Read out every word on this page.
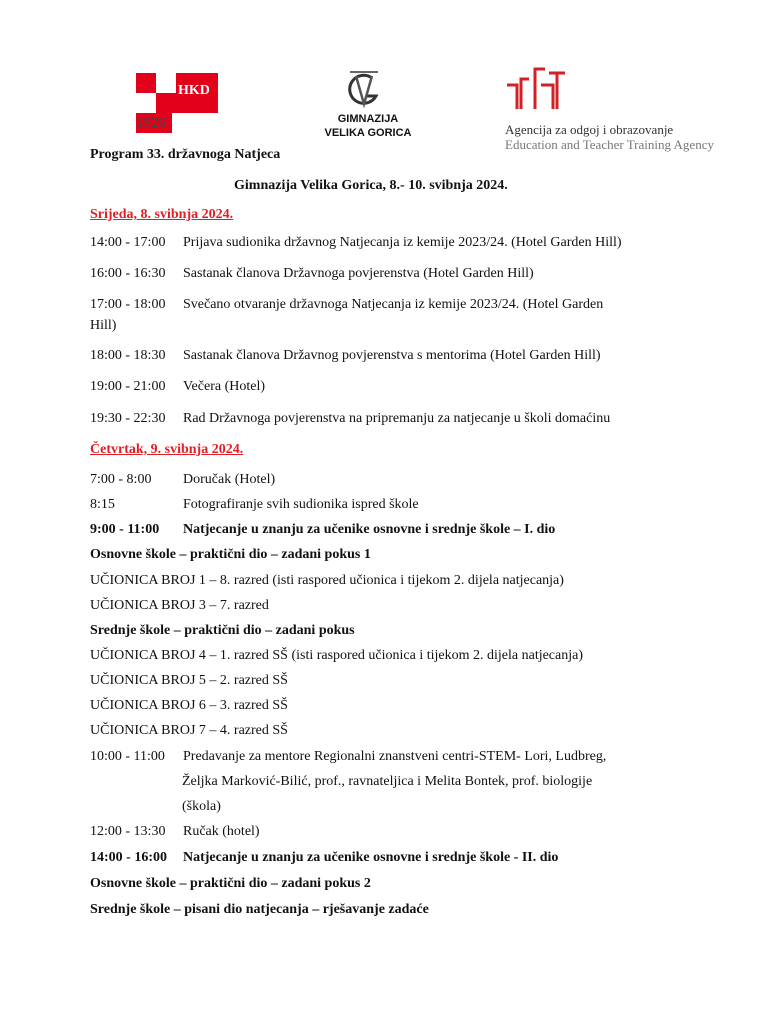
HKD
1926	GIMNAZIJA
VELIKA GORICA	Agencija za odgoj i obrazovanje
Education and Teacher Training Agency
Program 33. državnoga Natjeca
Gimnazija Velika Gorica, 8.- 10. svibnja 2024.
Srijeda, 8. svibnja 2024.
14:00 - 17:00 Prijava sudionika državnog Natjecanja iz kemije 2023/24. (Hotel Garden Hill)
16:00 - 16:30 Sastanak članova Državnoga povjerenstva (Hotel Garden Hill)
17:00 - 18:00 Svečano otvaranje državnoga Natjecanja iz kemije 2023/24. (Hotel Garden
Hill)
18:00 - 18:30 Sastanak članova Državnog povjerenstva s mentorima (Hotel Garden Hill)
19:00 - 21:00 Večera (Hotel)
19:30 - 22:30 Rad Državnoga povjerenstva na pripremanju za natjecanje u školi domaćinu
Četvrtak, 9. svibnja 2024.
7:00 - 8:00 Doručak (Hotel)
8:15	Fotografiranje svih sudionika ispred škole
9:00 - 11:00 Natjecanje u znanju za učenike osnovne i srednje škole – I. dio
Osnovne škole – praktični dio – zadani pokus 1
UČIONICA BROJ 1 – 8. razred (isti raspored učionica i tijekom 2. dijela natjecanja)
UČIONICA BROJ 3 – 7. razred
Srednje škole – praktični dio – zadani pokus
UČIONICA BROJ 4 – 1. razred SŠ (isti raspored učionica i tijekom 2. dijela natjecanja)
UČIONICA BROJ 5 – 2. razred SŠ
UČIONICA BROJ 6 – 3. razred SŠ
UČIONICA BROJ 7 – 4. razred SŠ
10:00 - 11:00 Predavanje za mentore Regionalni znanstveni centri-STEM- Lori, Ludbreg,
Željka Marković-Bilić, prof., ravnateljica i Melita Bontek, prof. biologije
(škola)
12:00 - 13:30 Ručak (hotel)
14:00 - 16:00 Natjecanje u znanju za učenike osnovne i srednje škole - II. dio
Osnovne škole – praktični dio – zadani pokus 2
Srednje škole – pisani dio natjecanja – rješavanje zadaće
